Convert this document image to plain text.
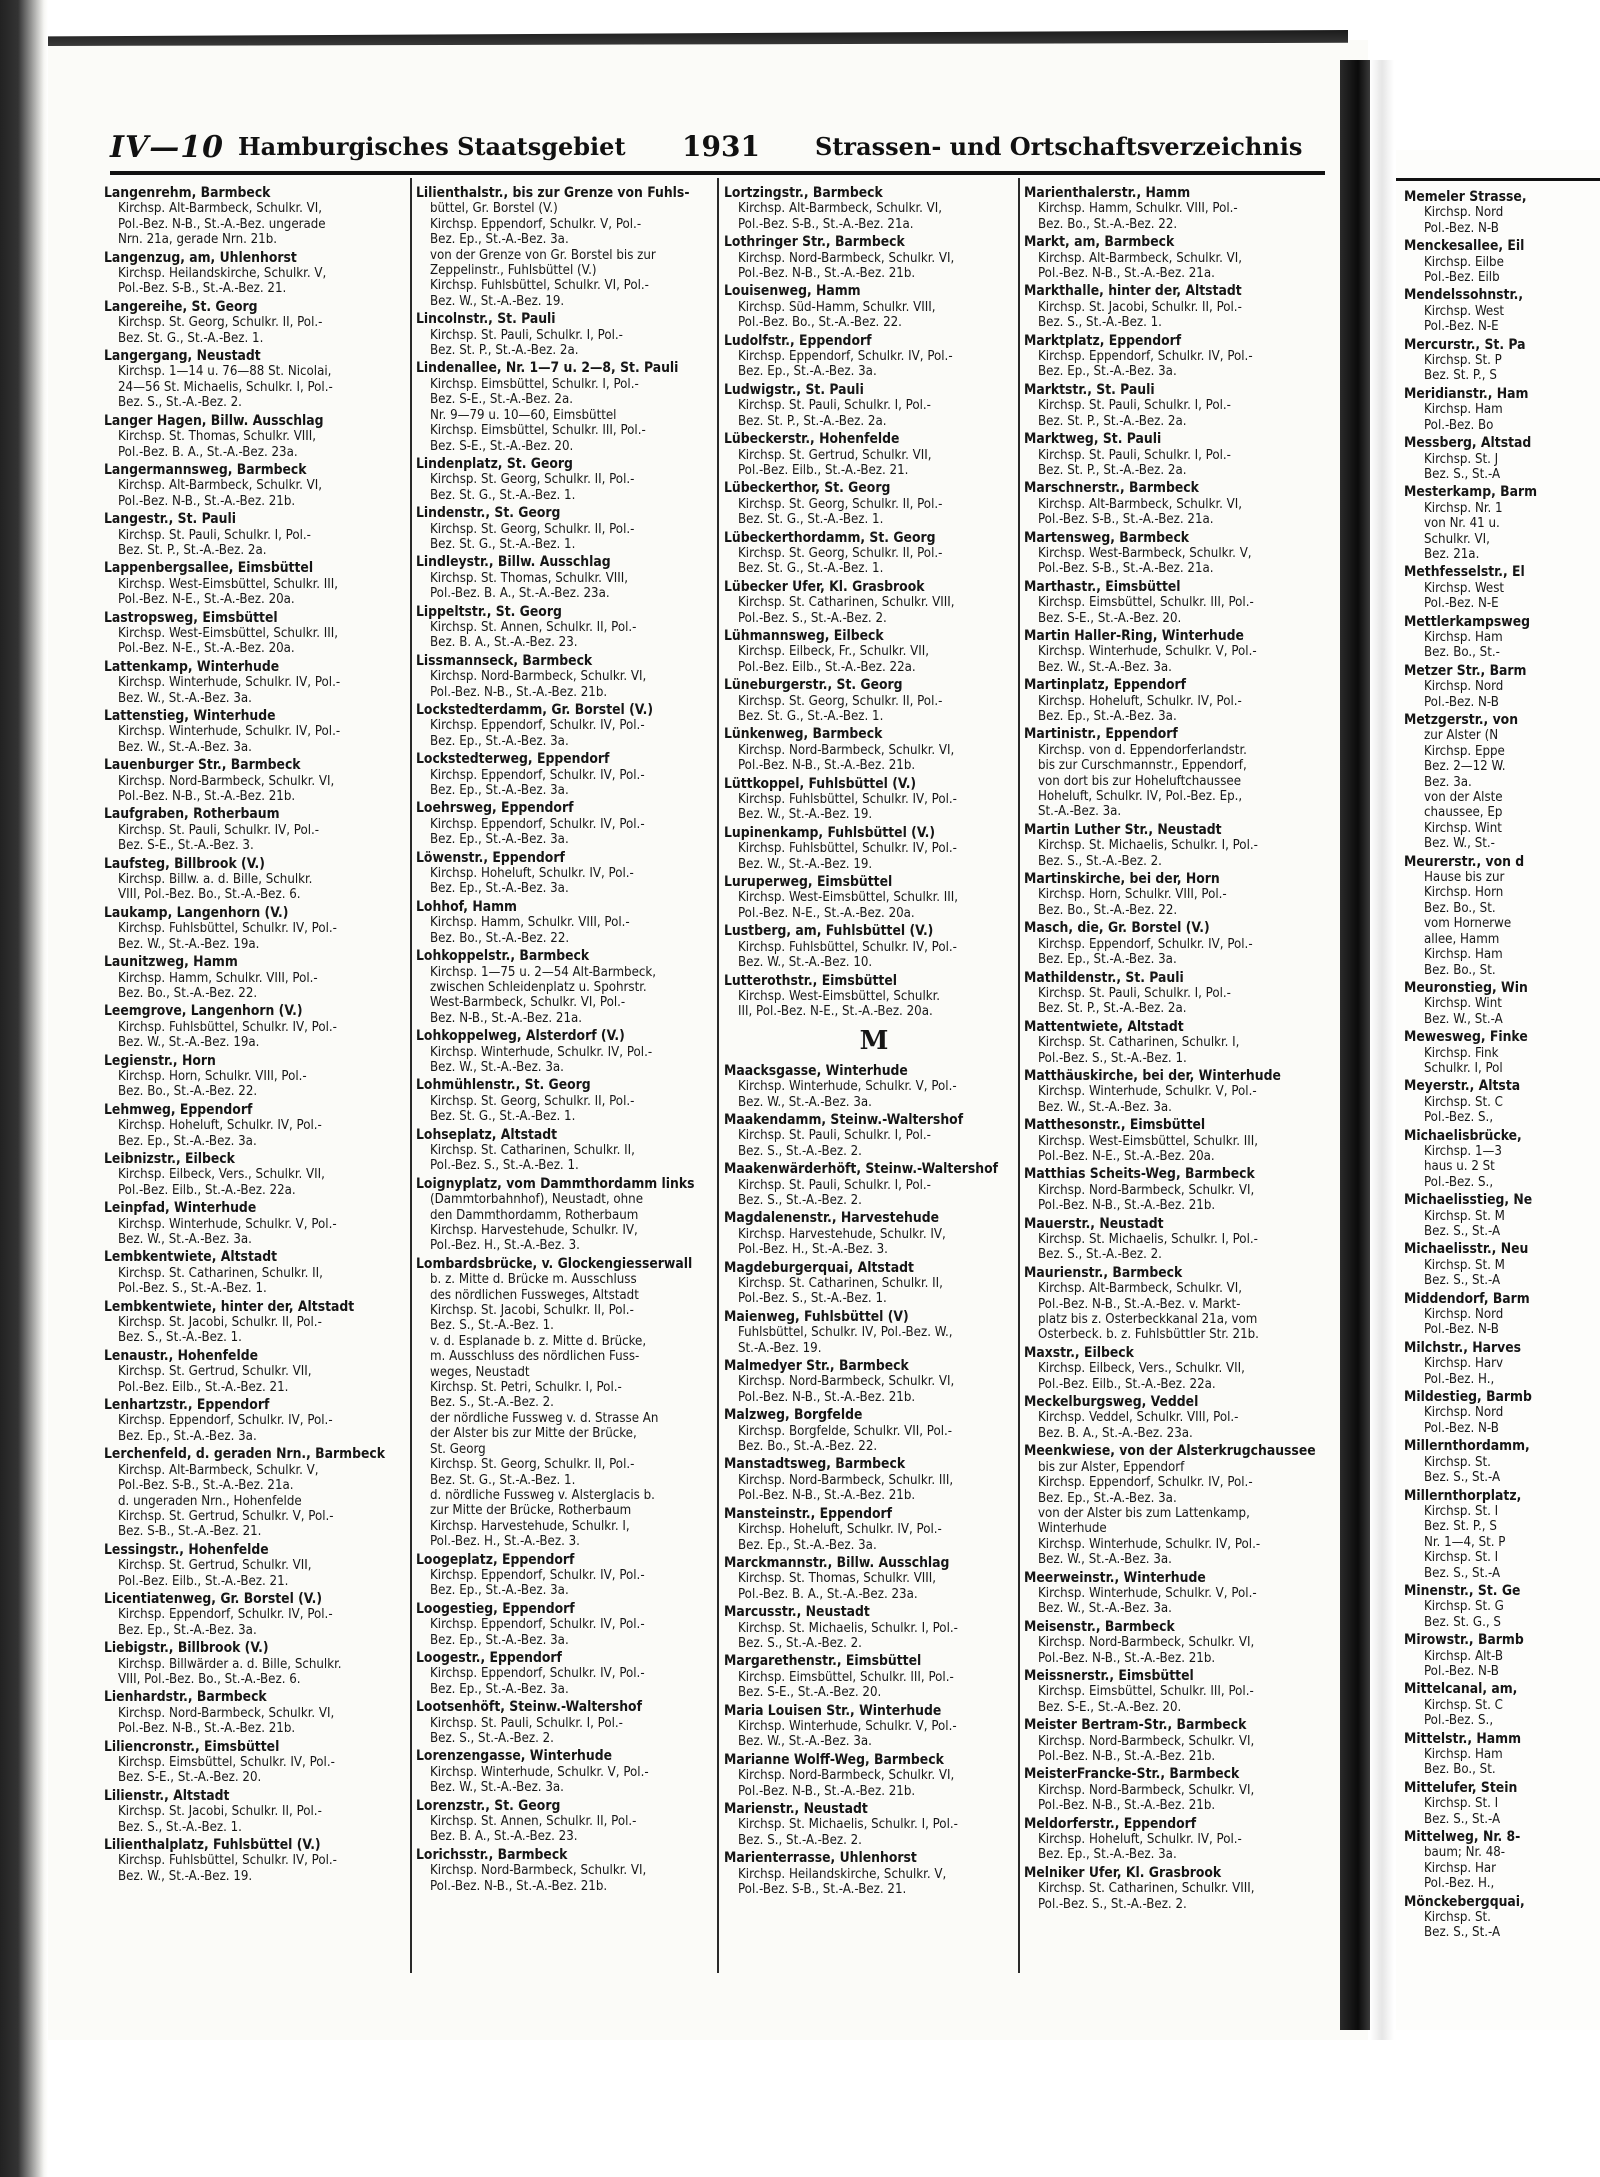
IV—10 Hamburgisches Staatsgebiet 1931 Strassen- und Ortschaftsverzeichnis
Langenrehm, Barmbeck
Kirchsp. Alt-Barmbeck, Schulkr. VI,
Pol.-Bez. N-B., St.-A.-Bez. ungerade
Nrn. 21a, gerade Nrn. 21b.
Langenzug, am, Uhlenhorst
Kirchsp. Heilandskirche, Schulkr. V,
Pol.-Bez. S-B., St.-A.-Bez. 21.
Langereihe, St. Georg
Kirchsp. St. Georg, Schulkr. II, Pol.-
Bez. St. G., St.-A.-Bez. 1.
Langergang, Neustadt
Kirchsp. 1—14 u. 76—88 St. Nicolai,
24—56 St. Michaelis, Schulkr. I, Pol.-
Bez. S., St.-A.-Bez. 2.
Langer Hagen, Billw. Ausschlag
Kirchsp. St. Thomas, Schulkr. VIII,
Pol.-Bez. B. A., St.-A.-Bez. 23a.
Langermannsweg, Barmbeck
Kirchsp. Alt-Barmbeck, Schulkr. VI,
Pol.-Bez. N-B., St.-A.-Bez. 21b.
Langestr., St. Pauli
Kirchsp. St. Pauli, Schulkr. I, Pol.-
Bez. St. P., St.-A.-Bez. 2a.
Lappenbergsallee, Eimsbüttel
Kirchsp. West-Eimsbüttel, Schulkr. III,
Pol.-Bez. N-E., St.-A.-Bez. 20a.
Lastropsweg, Eimsbüttel
Kirchsp. West-Eimsbüttel, Schulkr. III,
Pol.-Bez. N-E., St.-A.-Bez. 20a.
Lattenkamp, Winterhude
Kirchsp. Winterhude, Schulkr. IV, Pol.-
Bez. W., St.-A.-Bez. 3a.
Lattenstieg, Winterhude
Kirchsp. Winterhude, Schulkr. IV, Pol.-
Bez. W., St.-A.-Bez. 3a.
Lauenburger Str., Barmbeck
Kirchsp. Nord-Barmbeck, Schulkr. VI,
Pol.-Bez. N-B., St.-A.-Bez. 21b.
Laufgraben, Rotherbaum
Kirchsp. St. Pauli, Schulkr. IV, Pol.-
Bez. S-E., St.-A.-Bez. 3.
Laufsteg, Billbrook (V.)
Kirchsp. Billw. a. d. Bille, Schulkr.
VIII, Pol.-Bez. Bo., St.-A.-Bez. 6.
Laukamp, Langenhorn (V.)
Kirchsp. Fuhlsbüttel, Schulkr. IV, Pol.-
Bez. W., St.-A.-Bez. 19a.
Launitzweg, Hamm
Kirchsp. Hamm, Schulkr. VIII, Pol.-
Bez. Bo., St.-A.-Bez. 22.
Leemgrove, Langenhorn (V.)
Kirchsp. Fuhlsbüttel, Schulkr. IV, Pol.-
Bez. W., St.-A.-Bez. 19a.
Legienstr., Horn
Kirchsp. Horn, Schulkr. VIII, Pol.-
Bez. Bo., St.-A.-Bez. 22.
Lehmweg, Eppendorf
Kirchsp. Hoheluft, Schulkr. IV, Pol.-
Bez. Ep., St.-A.-Bez. 3a.
Leibnizstr., Eilbeck
Kirchsp. Eilbeck, Vers., Schulkr. VII,
Pol.-Bez. Eilb., St.-A.-Bez. 22a.
Leinpfad, Winterhude
Kirchsp. Winterhude, Schulkr. V, Pol.-
Bez. W., St.-A.-Bez. 3a.
Lembkentwiete, Altstadt
Kirchsp. St. Catharinen, Schulkr. II,
Pol.-Bez. S., St.-A.-Bez. 1.
Lembkentwiete, hinter der, Altstadt
Kirchsp. St. Jacobi, Schulkr. II, Pol.-
Bez. S., St.-A.-Bez. 1.
Lenaustr., Hohenfelde
Kirchsp. St. Gertrud, Schulkr. VII,
Pol.-Bez. Eilb., St.-A.-Bez. 21.
Lenhartzstr., Eppendorf
Kirchsp. Eppendorf, Schulkr. IV, Pol.-
Bez. Ep., St.-A.-Bez. 3a.
Lerchenfeld, d. geraden Nrn., Barmbeck
Kirchsp. Alt-Barmbeck, Schulkr. V,
Pol.-Bez. S-B., St.-A.-Bez. 21a.
d. ungeraden Nrn., Hohenfelde
Kirchsp. St. Gertrud, Schulkr. V, Pol.-
Bez. S-B., St.-A.-Bez. 21.
Lessingstr., Hohenfelde
Kirchsp. St. Gertrud, Schulkr. VII,
Pol.-Bez. Eilb., St.-A.-Bez. 21.
Licentiatenweg, Gr. Borstel (V.)
Kirchsp. Eppendorf, Schulkr. IV, Pol.-
Bez. Ep., St.-A.-Bez. 3a.
Liebigstr., Billbrook (V.)
Kirchsp. Billwärder a. d. Bille, Schulkr.
VIII, Pol.-Bez. Bo., St.-A.-Bez. 6.
Lienhardstr., Barmbeck
Kirchsp. Nord-Barmbeck, Schulkr. VI,
Pol.-Bez. N-B., St.-A.-Bez. 21b.
Liliencronstr., Eimsbüttel
Kirchsp. Eimsbüttel, Schulkr. IV, Pol.-
Bez. S-E., St.-A.-Bez. 20.
Lilienstr., Altstadt
Kirchsp. St. Jacobi, Schulkr. II, Pol.-
Bez. S., St.-A.-Bez. 1.
Lilienthalplatz, Fuhlsbüttel (V.)
Kirchsp. Fuhlsbüttel, Schulkr. IV, Pol.-
Bez. W., St.-A.-Bez. 19.
Lilienthalstr., bis zur Grenze von Fuhls-
büttel, Gr. Borstel (V.)
Kirchsp. Eppendorf, Schulkr. V, Pol.-
Bez. Ep., St.-A.-Bez. 3a.
von der Grenze von Gr. Borstel bis zur
Zeppelinstr., Fuhlsbüttel (V.)
Kirchsp. Fuhlsbüttel, Schulkr. VI, Pol.-
Bez. W., St.-A.-Bez. 19.
Lincolnstr., St. Pauli
Kirchsp. St. Pauli, Schulkr. I, Pol.-
Bez. St. P., St.-A.-Bez. 2a.
Lindenallee, Nr. 1—7 u. 2—8, St. Pauli
Kirchsp. Eimsbüttel, Schulkr. I, Pol.-
Bez. S-E., St.-A.-Bez. 2a.
Nr. 9—79 u. 10—60, Eimsbüttel
Kirchsp. Eimsbüttel, Schulkr. III, Pol.-
Bez. S-E., St.-A.-Bez. 20.
Lindenplatz, St. Georg
Kirchsp. St. Georg, Schulkr. II, Pol.-
Bez. St. G., St.-A.-Bez. 1.
Lindenstr., St. Georg
Kirchsp. St. Georg, Schulkr. II, Pol.-
Bez. St. G., St.-A.-Bez. 1.
Lindleystr., Billw. Ausschlag
Kirchsp. St. Thomas, Schulkr. VIII,
Pol.-Bez. B. A., St.-A.-Bez. 23a.
Lippeltstr., St. Georg
Kirchsp. St. Annen, Schulkr. II, Pol.-
Bez. B. A., St.-A.-Bez. 23.
Lissmannseck, Barmbeck
Kirchsp. Nord-Barmbeck, Schulkr. VI,
Pol.-Bez. N-B., St.-A.-Bez. 21b.
Lockstedterdamm, Gr. Borstel (V.)
Kirchsp. Eppendorf, Schulkr. IV, Pol.-
Bez. Ep., St.-A.-Bez. 3a.
Lockstedterweg, Eppendorf
Kirchsp. Eppendorf, Schulkr. IV, Pol.-
Bez. Ep., St.-A.-Bez. 3a.
Loehrsweg, Eppendorf
Kirchsp. Eppendorf, Schulkr. IV, Pol.-
Bez. Ep., St.-A.-Bez. 3a.
Löwenstr., Eppendorf
Kirchsp. Hoheluft, Schulkr. IV, Pol.-
Bez. Ep., St.-A.-Bez. 3a.
Lohhof, Hamm
Kirchsp. Hamm, Schulkr. VIII, Pol.-
Bez. Bo., St.-A.-Bez. 22.
Lohkoppelstr., Barmbeck
Kirchsp. 1—75 u. 2—54 Alt-Barmbeck,
zwischen Schleidenplatz u. Spohrstr.
West-Barmbeck, Schulkr. VI, Pol.-
Bez. N-B., St.-A.-Bez. 21a.
Lohkoppelweg, Alsterdorf (V.)
Kirchsp. Winterhude, Schulkr. IV, Pol.-
Bez. W., St.-A.-Bez. 3a.
Lohmühlenstr., St. Georg
Kirchsp. St. Georg, Schulkr. II, Pol.-
Bez. St. G., St.-A.-Bez. 1.
Lohseplatz, Altstadt
Kirchsp. St. Catharinen, Schulkr. II,
Pol.-Bez. S., St.-A.-Bez. 1.
Loignyplatz, vom Dammthordamm links
(Dammtorbahnhof), Neustadt, ohne
den Dammthordamm, Rotherbaum
Kirchsp. Harvestehude, Schulkr. IV,
Pol.-Bez. H., St.-A.-Bez. 3.
Lombardsbrücke, v. Glockengiesserwall
b. z. Mitte d. Brücke m. Ausschluss
des nördlichen Fussweges, Altstadt
Kirchsp. St. Jacobi, Schulkr. II, Pol.-
Bez. S., St.-A.-Bez. 1.
v. d. Esplanade b. z. Mitte d. Brücke,
m. Ausschluss des nördlichen Fuss-
weges, Neustadt
Kirchsp. St. Petri, Schulkr. I, Pol.-
Bez. S., St.-A.-Bez. 2.
der nördliche Fussweg v. d. Strasse An
der Alster bis zur Mitte der Brücke,
St. Georg
Kirchsp. St. Georg, Schulkr. II, Pol.-
Bez. St. G., St.-A.-Bez. 1.
d. nördliche Fussweg v. Alsterglacis b.
zur Mitte der Brücke, Rotherbaum
Kirchsp. Harvestehude, Schulkr. I,
Pol.-Bez. H., St.-A.-Bez. 3.
Loogeplatz, Eppendorf
Kirchsp. Eppendorf, Schulkr. IV, Pol.-
Bez. Ep., St.-A.-Bez. 3a.
Loogestieg, Eppendorf
Kirchsp. Eppendorf, Schulkr. IV, Pol.-
Bez. Ep., St.-A.-Bez. 3a.
Loogestr., Eppendorf
Kirchsp. Eppendorf, Schulkr. IV, Pol.-
Bez. Ep., St.-A.-Bez. 3a.
Lootsenhöft, Steinw.-Waltershof
Kirchsp. St. Pauli, Schulkr. I, Pol.-
Bez. S., St.-A.-Bez. 2.
Lorenzengasse, Winterhude
Kirchsp. Winterhude, Schulkr. V, Pol.-
Bez. W., St.-A.-Bez. 3a.
Lorenzstr., St. Georg
Kirchsp. St. Annen, Schulkr. II, Pol.-
Bez. B. A., St.-A.-Bez. 23.
Lorichsstr., Barmbeck
Kirchsp. Nord-Barmbeck, Schulkr. VI,
Pol.-Bez. N-B., St.-A.-Bez. 21b.
Lortzingstr., Barmbeck
Kirchsp. Alt-Barmbeck, Schulkr. VI,
Pol.-Bez. S-B., St.-A.-Bez. 21a.
Lothringer Str., Barmbeck
Kirchsp. Nord-Barmbeck, Schulkr. VI,
Pol.-Bez. N-B., St.-A.-Bez. 21b.
Louisenweg, Hamm
Kirchsp. Süd-Hamm, Schulkr. VIII,
Pol.-Bez. Bo., St.-A.-Bez. 22.
Ludolfstr., Eppendorf
Kirchsp. Eppendorf, Schulkr. IV, Pol.-
Bez. Ep., St.-A.-Bez. 3a.
Ludwigstr., St. Pauli
Kirchsp. St. Pauli, Schulkr. I, Pol.-
Bez. St. P., St.-A.-Bez. 2a.
Lübeckerstr., Hohenfelde
Kirchsp. St. Gertrud, Schulkr. VII,
Pol.-Bez. Eilb., St.-A.-Bez. 21.
Lübeckerthor, St. Georg
Kirchsp. St. Georg, Schulkr. II, Pol.-
Bez. St. G., St.-A.-Bez. 1.
Lübeckerthordamm, St. Georg
Kirchsp. St. Georg, Schulkr. II, Pol.-
Bez. St. G., St.-A.-Bez. 1.
Lübecker Ufer, Kl. Grasbrook
Kirchsp. St. Catharinen, Schulkr. VIII,
Pol.-Bez. S., St.-A.-Bez. 2.
Lühmannsweg, Eilbeck
Kirchsp. Eilbeck, Fr., Schulkr. VII,
Pol.-Bez. Eilb., St.-A.-Bez. 22a.
Lüneburgerstr., St. Georg
Kirchsp. St. Georg, Schulkr. II, Pol.-
Bez. St. G., St.-A.-Bez. 1.
Lünkenweg, Barmbeck
Kirchsp. Nord-Barmbeck, Schulkr. VI,
Pol.-Bez. N-B., St.-A.-Bez. 21b.
Lüttkoppel, Fuhlsbüttel (V.)
Kirchsp. Fuhlsbüttel, Schulkr. IV, Pol.-
Bez. W., St.-A.-Bez. 19.
Lupinenkamp, Fuhlsbüttel (V.)
Kirchsp. Fuhlsbüttel, Schulkr. IV, Pol.-
Bez. W., St.-A.-Bez. 19.
Luruperweg, Eimsbüttel
Kirchsp. West-Eimsbüttel, Schulkr. III,
Pol.-Bez. N-E., St.-A.-Bez. 20a.
Lustberg, am, Fuhlsbüttel (V.)
Kirchsp. Fuhlsbüttel, Schulkr. IV, Pol.-
Bez. W., St.-A.-Bez. 10.
Lutterothstr., Eimsbüttel
Kirchsp. West-Eimsbüttel, Schulkr.
III, Pol.-Bez. N-E., St.-A.-Bez. 20a.
M
Maacksgasse, Winterhude
Kirchsp. Winterhude, Schulkr. V, Pol.-
Bez. W., St.-A.-Bez. 3a.
Maakendamm, Steinw.-Waltershof
Kirchsp. St. Pauli, Schulkr. I, Pol.-
Bez. S., St.-A.-Bez. 2.
Maakenwärderhöft, Steinw.-Waltershof
Kirchsp. St. Pauli, Schulkr. I, Pol.-
Bez. S., St.-A.-Bez. 2.
Magdalenenstr., Harvestehude
Kirchsp. Harvestehude, Schulkr. IV,
Pol.-Bez. H., St.-A.-Bez. 3.
Magdeburgerquai, Altstadt
Kirchsp. St. Catharinen, Schulkr. II,
Pol.-Bez. S., St.-A.-Bez. 1.
Maienweg, Fuhlsbüttel (V)
Fuhlsbüttel, Schulkr. IV, Pol.-Bez. W.,
St.-A.-Bez. 19.
Malmedyer Str., Barmbeck
Kirchsp. Nord-Barmbeck, Schulkr. VI,
Pol.-Bez. N-B., St.-A.-Bez. 21b.
Malzweg, Borgfelde
Kirchsp. Borgfelde, Schulkr. VII, Pol.-
Bez. Bo., St.-A.-Bez. 22.
Manstadtsweg, Barmbeck
Kirchsp. Nord-Barmbeck, Schulkr. III,
Pol.-Bez. N-B., St.-A.-Bez. 21b.
Mansteinstr., Eppendorf
Kirchsp. Hoheluft, Schulkr. IV, Pol.-
Bez. Ep., St.-A.-Bez. 3a.
Marckmannstr., Billw. Ausschlag
Kirchsp. St. Thomas, Schulkr. VIII,
Pol.-Bez. B. A., St.-A.-Bez. 23a.
Marcusstr., Neustadt
Kirchsp. St. Michaelis, Schulkr. I, Pol.-
Bez. S., St.-A.-Bez. 2.
Margarethenstr., Eimsbüttel
Kirchsp. Eimsbüttel, Schulkr. III, Pol.-
Bez. S-E., St.-A.-Bez. 20.
Maria Louisen Str., Winterhude
Kirchsp. Winterhude, Schulkr. V, Pol.-
Bez. W., St.-A.-Bez. 3a.
Marianne Wolff-Weg, Barmbeck
Kirchsp. Nord-Barmbeck, Schulkr. VI,
Pol.-Bez. N-B., St.-A.-Bez. 21b.
Marienstr., Neustadt
Kirchsp. St. Michaelis, Schulkr. I, Pol.-
Bez. S., St.-A.-Bez. 2.
Marienterrasse, Uhlenhorst
Kirchsp. Heilandskirche, Schulkr. V,
Pol.-Bez. S-B., St.-A.-Bez. 21.
Marienthalerstr., Hamm
Kirchsp. Hamm, Schulkr. VIII, Pol.-
Bez. Bo., St.-A.-Bez. 22.
Markt, am, Barmbeck
Kirchsp. Alt-Barmbeck, Schulkr. VI,
Pol.-Bez. N-B., St.-A.-Bez. 21a.
Markthalle, hinter der, Altstadt
Kirchsp. St. Jacobi, Schulkr. II, Pol.-
Bez. S., St.-A.-Bez. 1.
Marktplatz, Eppendorf
Kirchsp. Eppendorf, Schulkr. IV, Pol.-
Bez. Ep., St.-A.-Bez. 3a.
Marktstr., St. Pauli
Kirchsp. St. Pauli, Schulkr. I, Pol.-
Bez. St. P., St.-A.-Bez. 2a.
Marktweg, St. Pauli
Kirchsp. St. Pauli, Schulkr. I, Pol.-
Bez. St. P., St.-A.-Bez. 2a.
Marschnerstr., Barmbeck
Kirchsp. Alt-Barmbeck, Schulkr. VI,
Pol.-Bez. S-B., St.-A.-Bez. 21a.
Martensweg, Barmbeck
Kirchsp. West-Barmbeck, Schulkr. V,
Pol.-Bez. S-B., St.-A.-Bez. 21a.
Marthastr., Eimsbüttel
Kirchsp. Eimsbüttel, Schulkr. III, Pol.-
Bez. S-E., St.-A.-Bez. 20.
Martin Haller-Ring, Winterhude
Kirchsp. Winterhude, Schulkr. V, Pol.-
Bez. W., St.-A.-Bez. 3a.
Martinplatz, Eppendorf
Kirchsp. Hoheluft, Schulkr. IV, Pol.-
Bez. Ep., St.-A.-Bez. 3a.
Martinistr., Eppendorf
Kirchsp. von d. Eppendorferlandstr.
bis zur Curschmannstr., Eppendorf,
von dort bis zur Hoheluftchaussee
Hoheluft, Schulkr. IV, Pol.-Bez. Ep.,
St.-A.-Bez. 3a.
Martin Luther Str., Neustadt
Kirchsp. St. Michaelis, Schulkr. I, Pol.-
Bez. S., St.-A.-Bez. 2.
Martinskirche, bei der, Horn
Kirchsp. Horn, Schulkr. VIII, Pol.-
Bez. Bo., St.-A.-Bez. 22.
Masch, die, Gr. Borstel (V.)
Kirchsp. Eppendorf, Schulkr. IV, Pol.-
Bez. Ep., St.-A.-Bez. 3a.
Mathildenstr., St. Pauli
Kirchsp. St. Pauli, Schulkr. I, Pol.-
Bez. St. P., St.-A.-Bez. 2a.
Mattentwiete, Altstadt
Kirchsp. St. Catharinen, Schulkr. I,
Pol.-Bez. S., St.-A.-Bez. 1.
Matthäuskirche, bei der, Winterhude
Kirchsp. Winterhude, Schulkr. V, Pol.-
Bez. W., St.-A.-Bez. 3a.
Matthesonstr., Eimsbüttel
Kirchsp. West-Eimsbüttel, Schulkr. III,
Pol.-Bez. N-E., St.-A.-Bez. 20a.
Matthias Scheits-Weg, Barmbeck
Kirchsp. Nord-Barmbeck, Schulkr. VI,
Pol.-Bez. N-B., St.-A.-Bez. 21b.
Mauerstr., Neustadt
Kirchsp. St. Michaelis, Schulkr. I, Pol.-
Bez. S., St.-A.-Bez. 2.
Maurienstr., Barmbeck
Kirchsp. Alt-Barmbeck, Schulkr. VI,
Pol.-Bez. N-B., St.-A.-Bez. v. Markt-
platz bis z. Osterbeckkanal 21a, vom
Osterbeck. b. z. Fuhlsbüttler Str. 21b.
Maxstr., Eilbeck
Kirchsp. Eilbeck, Vers., Schulkr. VII,
Pol.-Bez. Eilb., St.-A.-Bez. 22a.
Meckelburgsweg, Veddel
Kirchsp. Veddel, Schulkr. VIII, Pol.-
Bez. B. A., St.-A.-Bez. 23a.
Meenkwiese, von der Alsterkrugchaussee
bis zur Alster, Eppendorf
Kirchsp. Eppendorf, Schulkr. IV, Pol.-
Bez. Ep., St.-A.-Bez. 3a.
von der Alster bis zum Lattenkamp,
Winterhude
Kirchsp. Winterhude, Schulkr. IV, Pol.-
Bez. W., St.-A.-Bez. 3a.
Meerweinstr., Winterhude
Kirchsp. Winterhude, Schulkr. V, Pol.-
Bez. W., St.-A.-Bez. 3a.
Meisenstr., Barmbeck
Kirchsp. Nord-Barmbeck, Schulkr. VI,
Pol.-Bez. N-B., St.-A.-Bez. 21b.
Meissnerstr., Eimsbüttel
Kirchsp. Eimsbüttel, Schulkr. III, Pol.-
Bez. S-E., St.-A.-Bez. 20.
Meister Bertram-Str., Barmbeck
Kirchsp. Nord-Barmbeck, Schulkr. VI,
Pol.-Bez. N-B., St.-A.-Bez. 21b.
MeisterFrancke-Str., Barmbeck
Kirchsp. Nord-Barmbeck, Schulkr. VI,
Pol.-Bez. N-B., St.-A.-Bez. 21b.
Meldorferstr., Eppendorf
Kirchsp. Hoheluft, Schulkr. IV, Pol.-
Bez. Ep., St.-A.-Bez. 3a.
Melniker Ufer, Kl. Grasbrook
Kirchsp. St. Catharinen, Schulkr. VIII,
Pol.-Bez. S., St.-A.-Bez. 2.
Memeler Strasse,
Kirchsp. Nord
Pol.-Bez. N-B
Menckesallee, Eil
Kirchsp. Eilbe
Pol.-Bez. Eilb
Mendelssohnstr.,
Kirchsp. West
Pol.-Bez. N-E
Mercurstr., St. Pa
Kirchsp. St. P
Bez. St. P., S
Meridianstr., Ham
Kirchsp. Ham
Pol.-Bez. Bo
Messberg, Altstad
Kirchsp. St. J
Bez. S., St.-A
Mesterkamp, Barm
Kirchsp. Nr. 1
von Nr. 41 u.
Schulkr. VI,
Bez. 21a.
Methfesselstr., El
Kirchsp. West
Pol.-Bez. N-E
Mettlerkampsweg
Kirchsp. Ham
Bez. Bo., St.-
Metzer Str., Barm
Kirchsp. Nord
Pol.-Bez. N-B
Metzgerstr., von
zur Alster (N
Kirchsp. Eppe
Bez. 2—12 W.
Bez. 3a.
von der Alste
chaussee, Ep
Kirchsp. Wint
Bez. W., St.-
Meurerstr., von d
Hause bis zur
Kirchsp. Horn
Bez. Bo., St.
vom Hornerwe
allee, Hamm
Kirchsp. Ham
Bez. Bo., St.
Meuronstieg, Win
Kirchsp. Wint
Bez. W., St.-A
Mewesweg, Finke
Kirchsp. Fink
Schulkr. I, Pol
Meyerstr., Altsta
Kirchsp. St. C
Pol.-Bez. S.,
Michaelisbrücke,
Kirchsp. 1—3
haus u. 2 St
Pol.-Bez. S.,
Michaelisstieg, Ne
Kirchsp. St. M
Bez. S., St.-A
Michaelisstr., Neu
Kirchsp. St. M
Bez. S., St.-A
Middendorf, Barm
Kirchsp. Nord
Pol.-Bez. N-B
Milchstr., Harves
Kirchsp. Harv
Pol.-Bez. H.,
Mildestieg, Barmb
Kirchsp. Nord
Pol.-Bez. N-B
Millernthordamm,
Kirchsp. St.
Bez. S., St.-A
Millernthorplatz,
Kirchsp. St. I
Bez. St. P., S
Nr. 1—4, St. P
Kirchsp. St. I
Bez. S., St.-A
Minenstr., St. Ge
Kirchsp. St. G
Bez. St. G., S
Mirowstr., Barmb
Kirchsp. Alt-B
Pol.-Bez. N-B
Mittelcanal, am,
Kirchsp. St. C
Pol.-Bez. S.,
Mittelstr., Hamm
Kirchsp. Ham
Bez. Bo., St.
Mittelufer, Stein
Kirchsp. St. I
Bez. S., St.-A
Mittelweg, Nr. 8-
baum; Nr. 48-
Kirchsp. Har
Pol.-Bez. H.,
Mönckebergquai,
Kirchsp. St.
Bez. S., St.-A
